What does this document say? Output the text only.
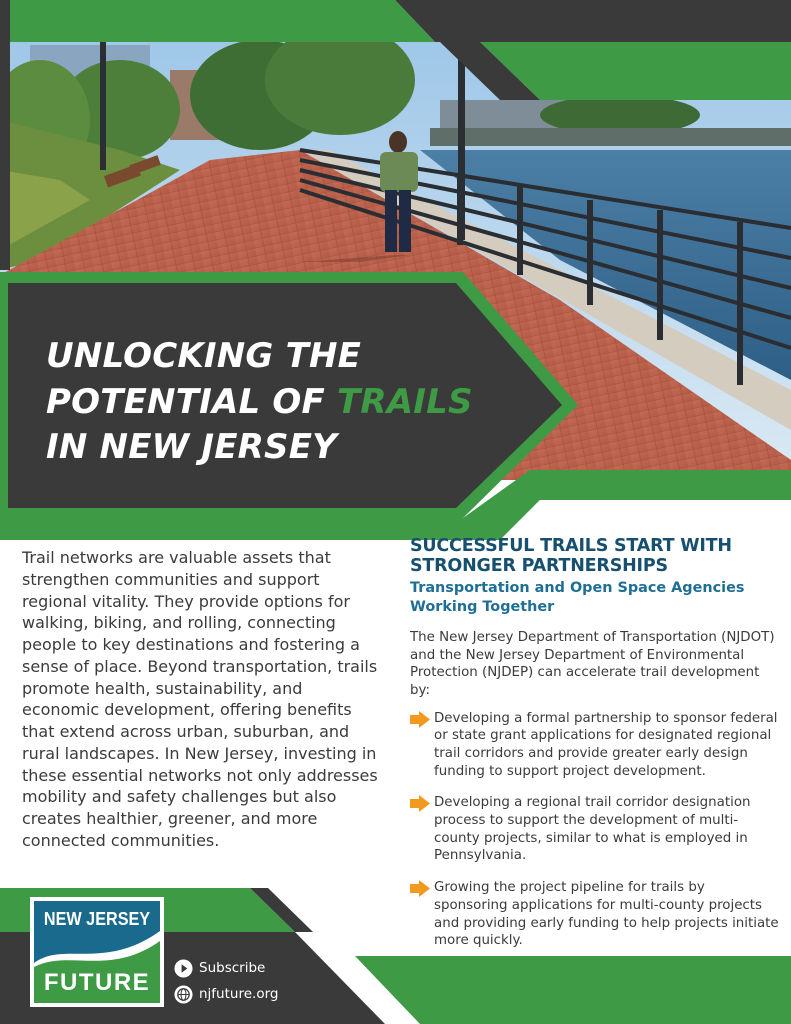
UNLOCKING THE
POTENTIAL OF TRAILS
IN NEW JERSEY

Trail networks are valuable assets that strengthen communities and support regional vitality. They provide options for walking, biking, and rolling, connecting people to key destinations and fostering a sense of place. Beyond transportation, trails promote health, sustainability, and economic development, offering benefits that extend across urban, suburban, and rural landscapes. In New Jersey, investing in these essential networks not only addresses mobility and safety challenges but also creates healthier, greener, and more connected communities.

SUCCESSFUL TRAILS START WITH STRONGER PARTNERSHIPS
Transportation and Open Space Agencies Working Together

The New Jersey Department of Transportation (NJDOT) and the New Jersey Department of Environmental Protection (NJDEP) can accelerate trail development by:

Developing a formal partnership to sponsor federal or state grant applications for designated regional trail corridors and provide greater early design funding to support project development.
Developing a regional trail corridor designation process to support the development of multi-county projects, similar to what is employed in Pennsylvania.
Growing the project pipeline for trails by sponsoring applications for multi-county projects and providing early funding to help projects initiate more quickly.
NEW JERSEY
FUTURE
Subscribe
njfuture.org
